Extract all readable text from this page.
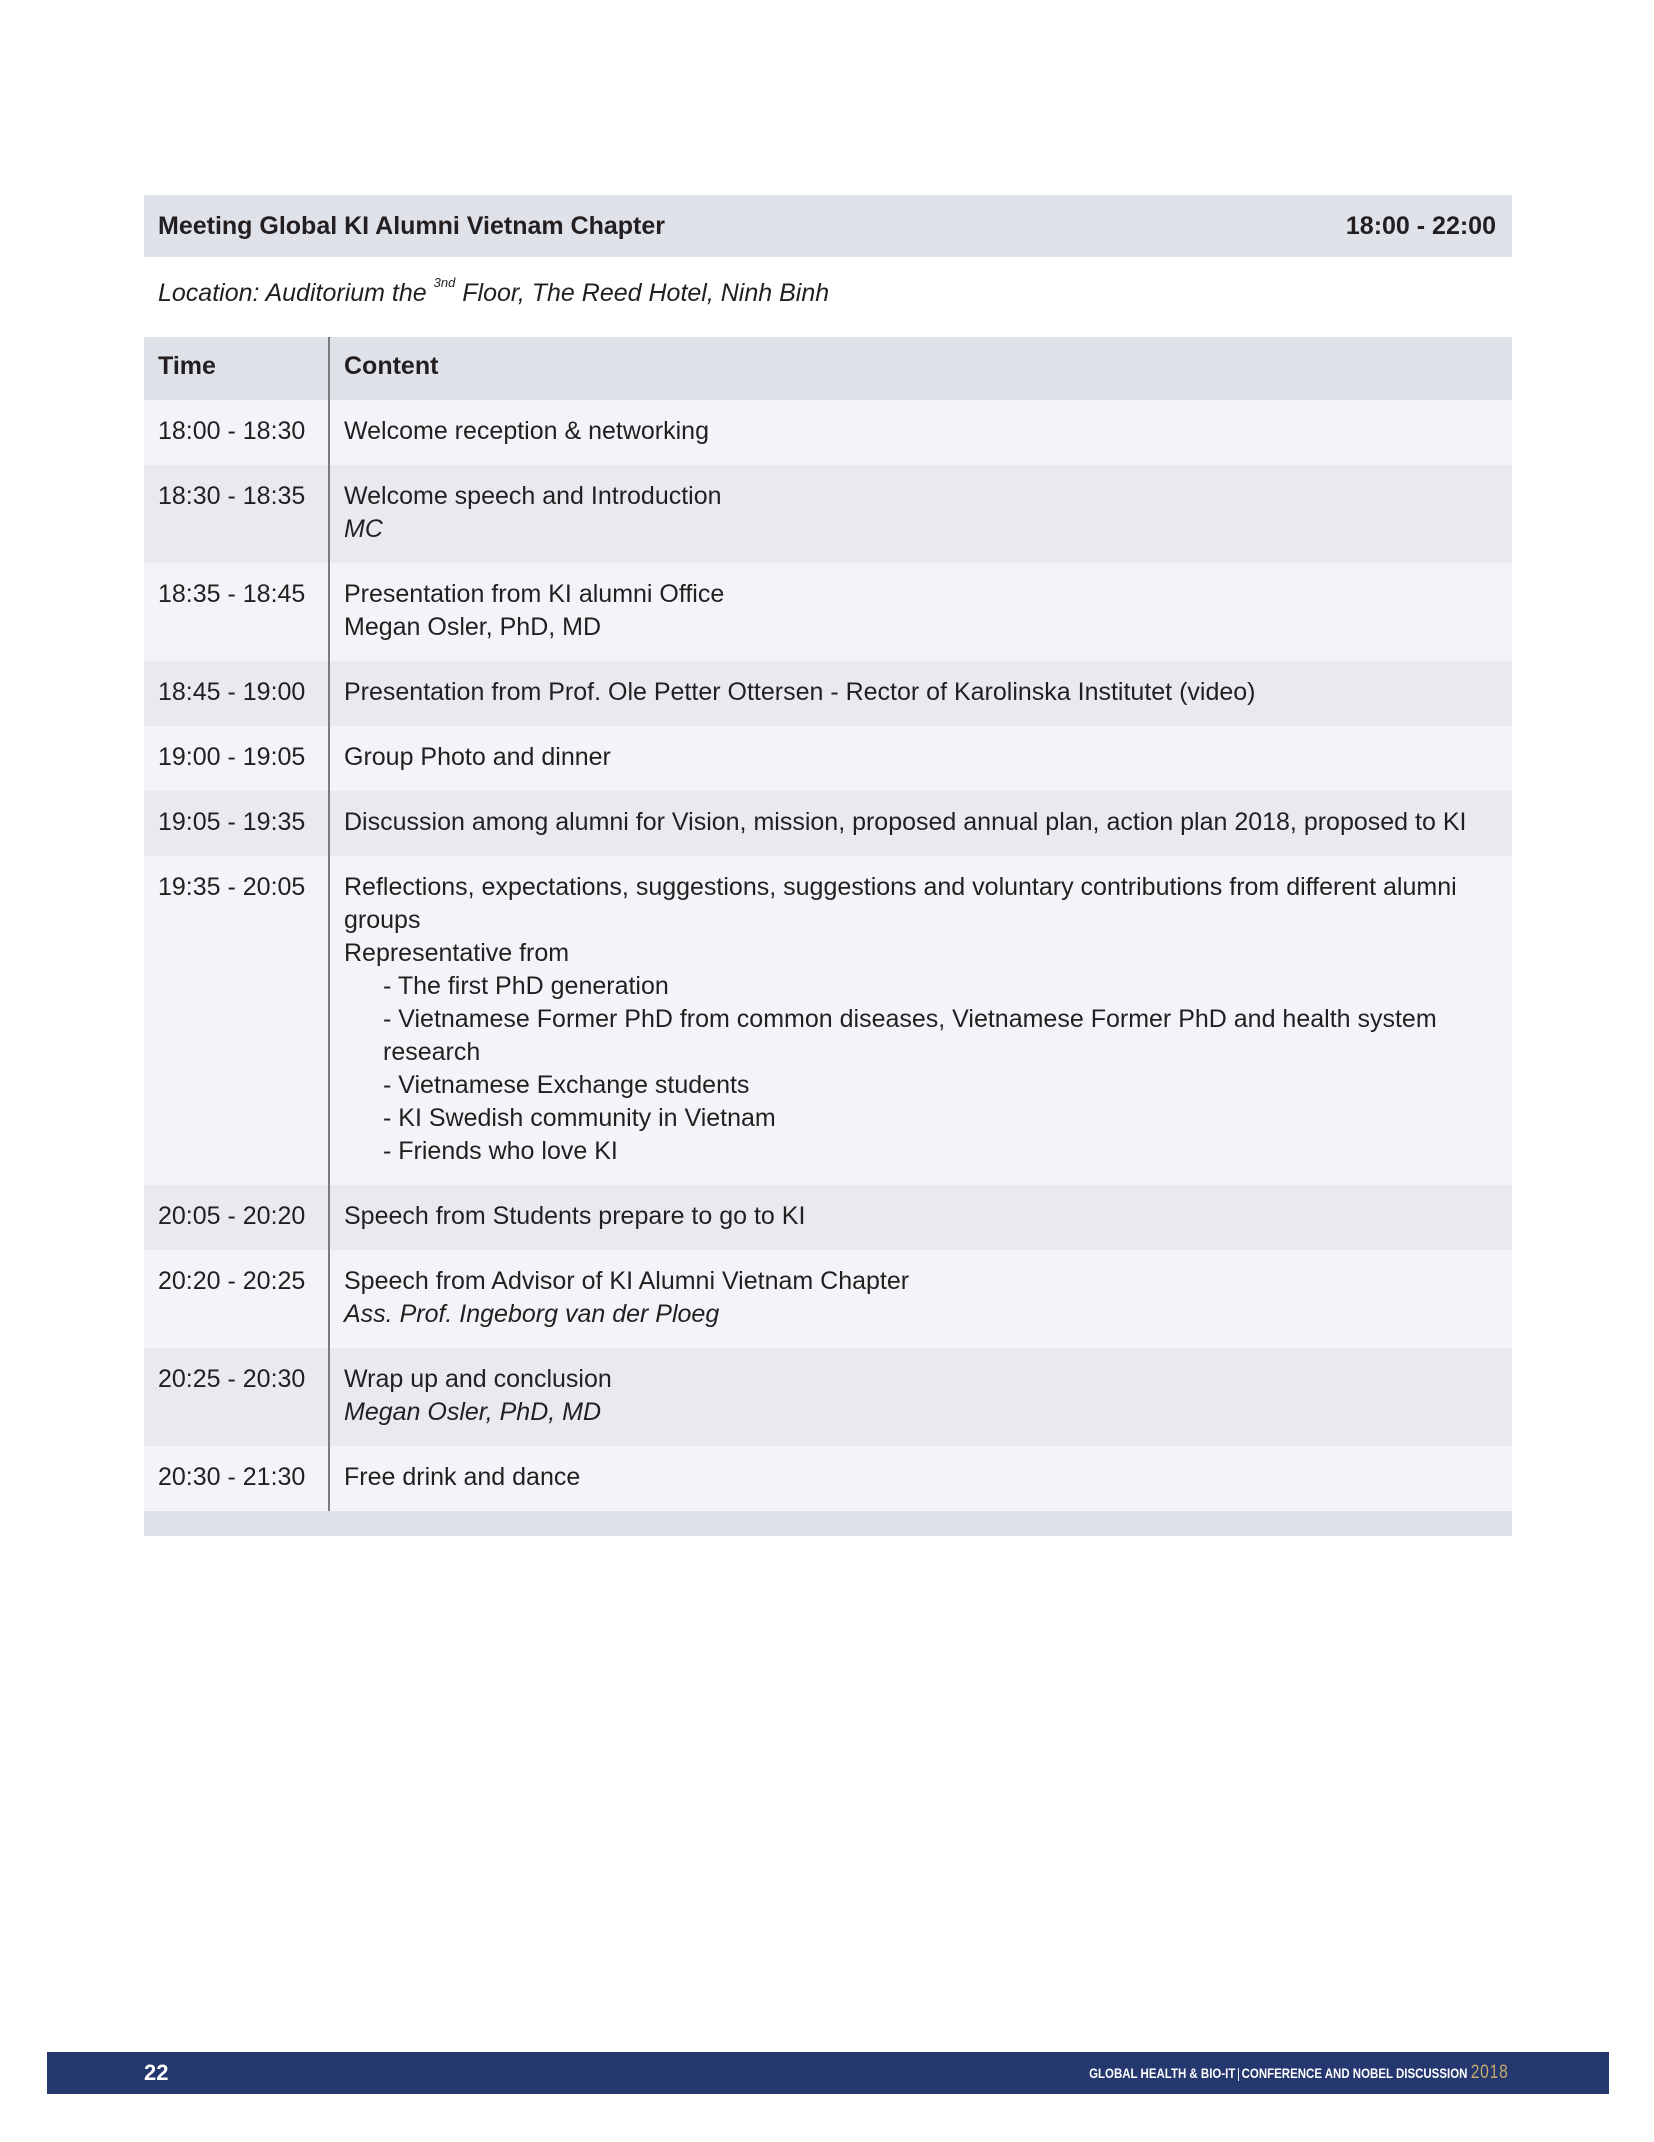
Meeting Global KI Alumni Vietnam Chapter	18:00 - 22:00
Location: Auditorium the $^{3nd}$ Floor, The Reed Hotel, Ninh Binh
Time	Content
18:00 - 18:30	Welcome reception & networking
18:30 - 18:35	Welcome speech and Introduction
MC
18:35 - 18:45	Presentation from KI alumni Office
Megan Osler, PhD, MD
18:45 - 19:00	Presentation from Prof. Ole Petter Ottersen - Rector of Karolinska Institutet (video)
19:00 - 19:05	Group Photo and dinner
19:05 - 19:35	Discussion among alumni for Vision, mission, proposed annual plan, action plan 2018, proposed to KI
19:35 - 20:05	Reflections, expectations, suggestions, suggestions and voluntary contributions from different alumni groups
Representative from
- The first PhD generation
- Vietnamese Former PhD from common diseases, Vietnamese Former PhD and health system research
- Vietnamese Exchange students
- KI Swedish community in Vietnam
- Friends who love KI
20:05 - 20:20	Speech from Students prepare to go to KI
20:20 - 20:25	Speech from Advisor of KI Alumni Vietnam Chapter
Ass. Prof. Ingeborg van der Ploeg
20:25 - 20:30	Wrap up and conclusion
Megan Osler, PhD, MD
20:30 - 21:30	Free drink and dance
22	GLOBAL HEALTH & BIO-IT | CONFERENCE AND NOBEL DISCUSSION 2018
